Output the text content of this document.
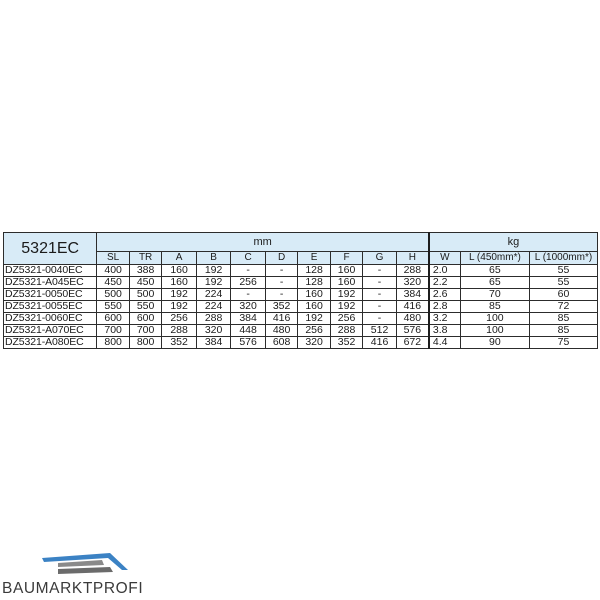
5321EC	mm										kg		
	SL	TR	A	B	C	D	E	F	G	H	W	L (450mm*)	L (1000mm*)
DZ5321-0040EC	400	388	160	192	-	-	128	160	-	288	2.0	65	55
DZ5321-A045EC	450	450	160	192	256	-	128	160	-	320	2.2	65	55
DZ5321-0050EC	500	500	192	224	-	-	160	192	-	384	2.6	70	60
DZ5321-0055EC	550	550	192	224	320	352	160	192	-	416	2.8	85	72
DZ5321-0060EC	600	600	256	288	384	416	192	256	-	480	3.2	100	85
DZ5321-A070EC	700	700	288	320	448	480	256	288	512	576	3.8	100	85
DZ5321-A080EC	800	800	352	384	576	608	320	352	416	672	4.4	90	75
BAUMARKTPROFI
